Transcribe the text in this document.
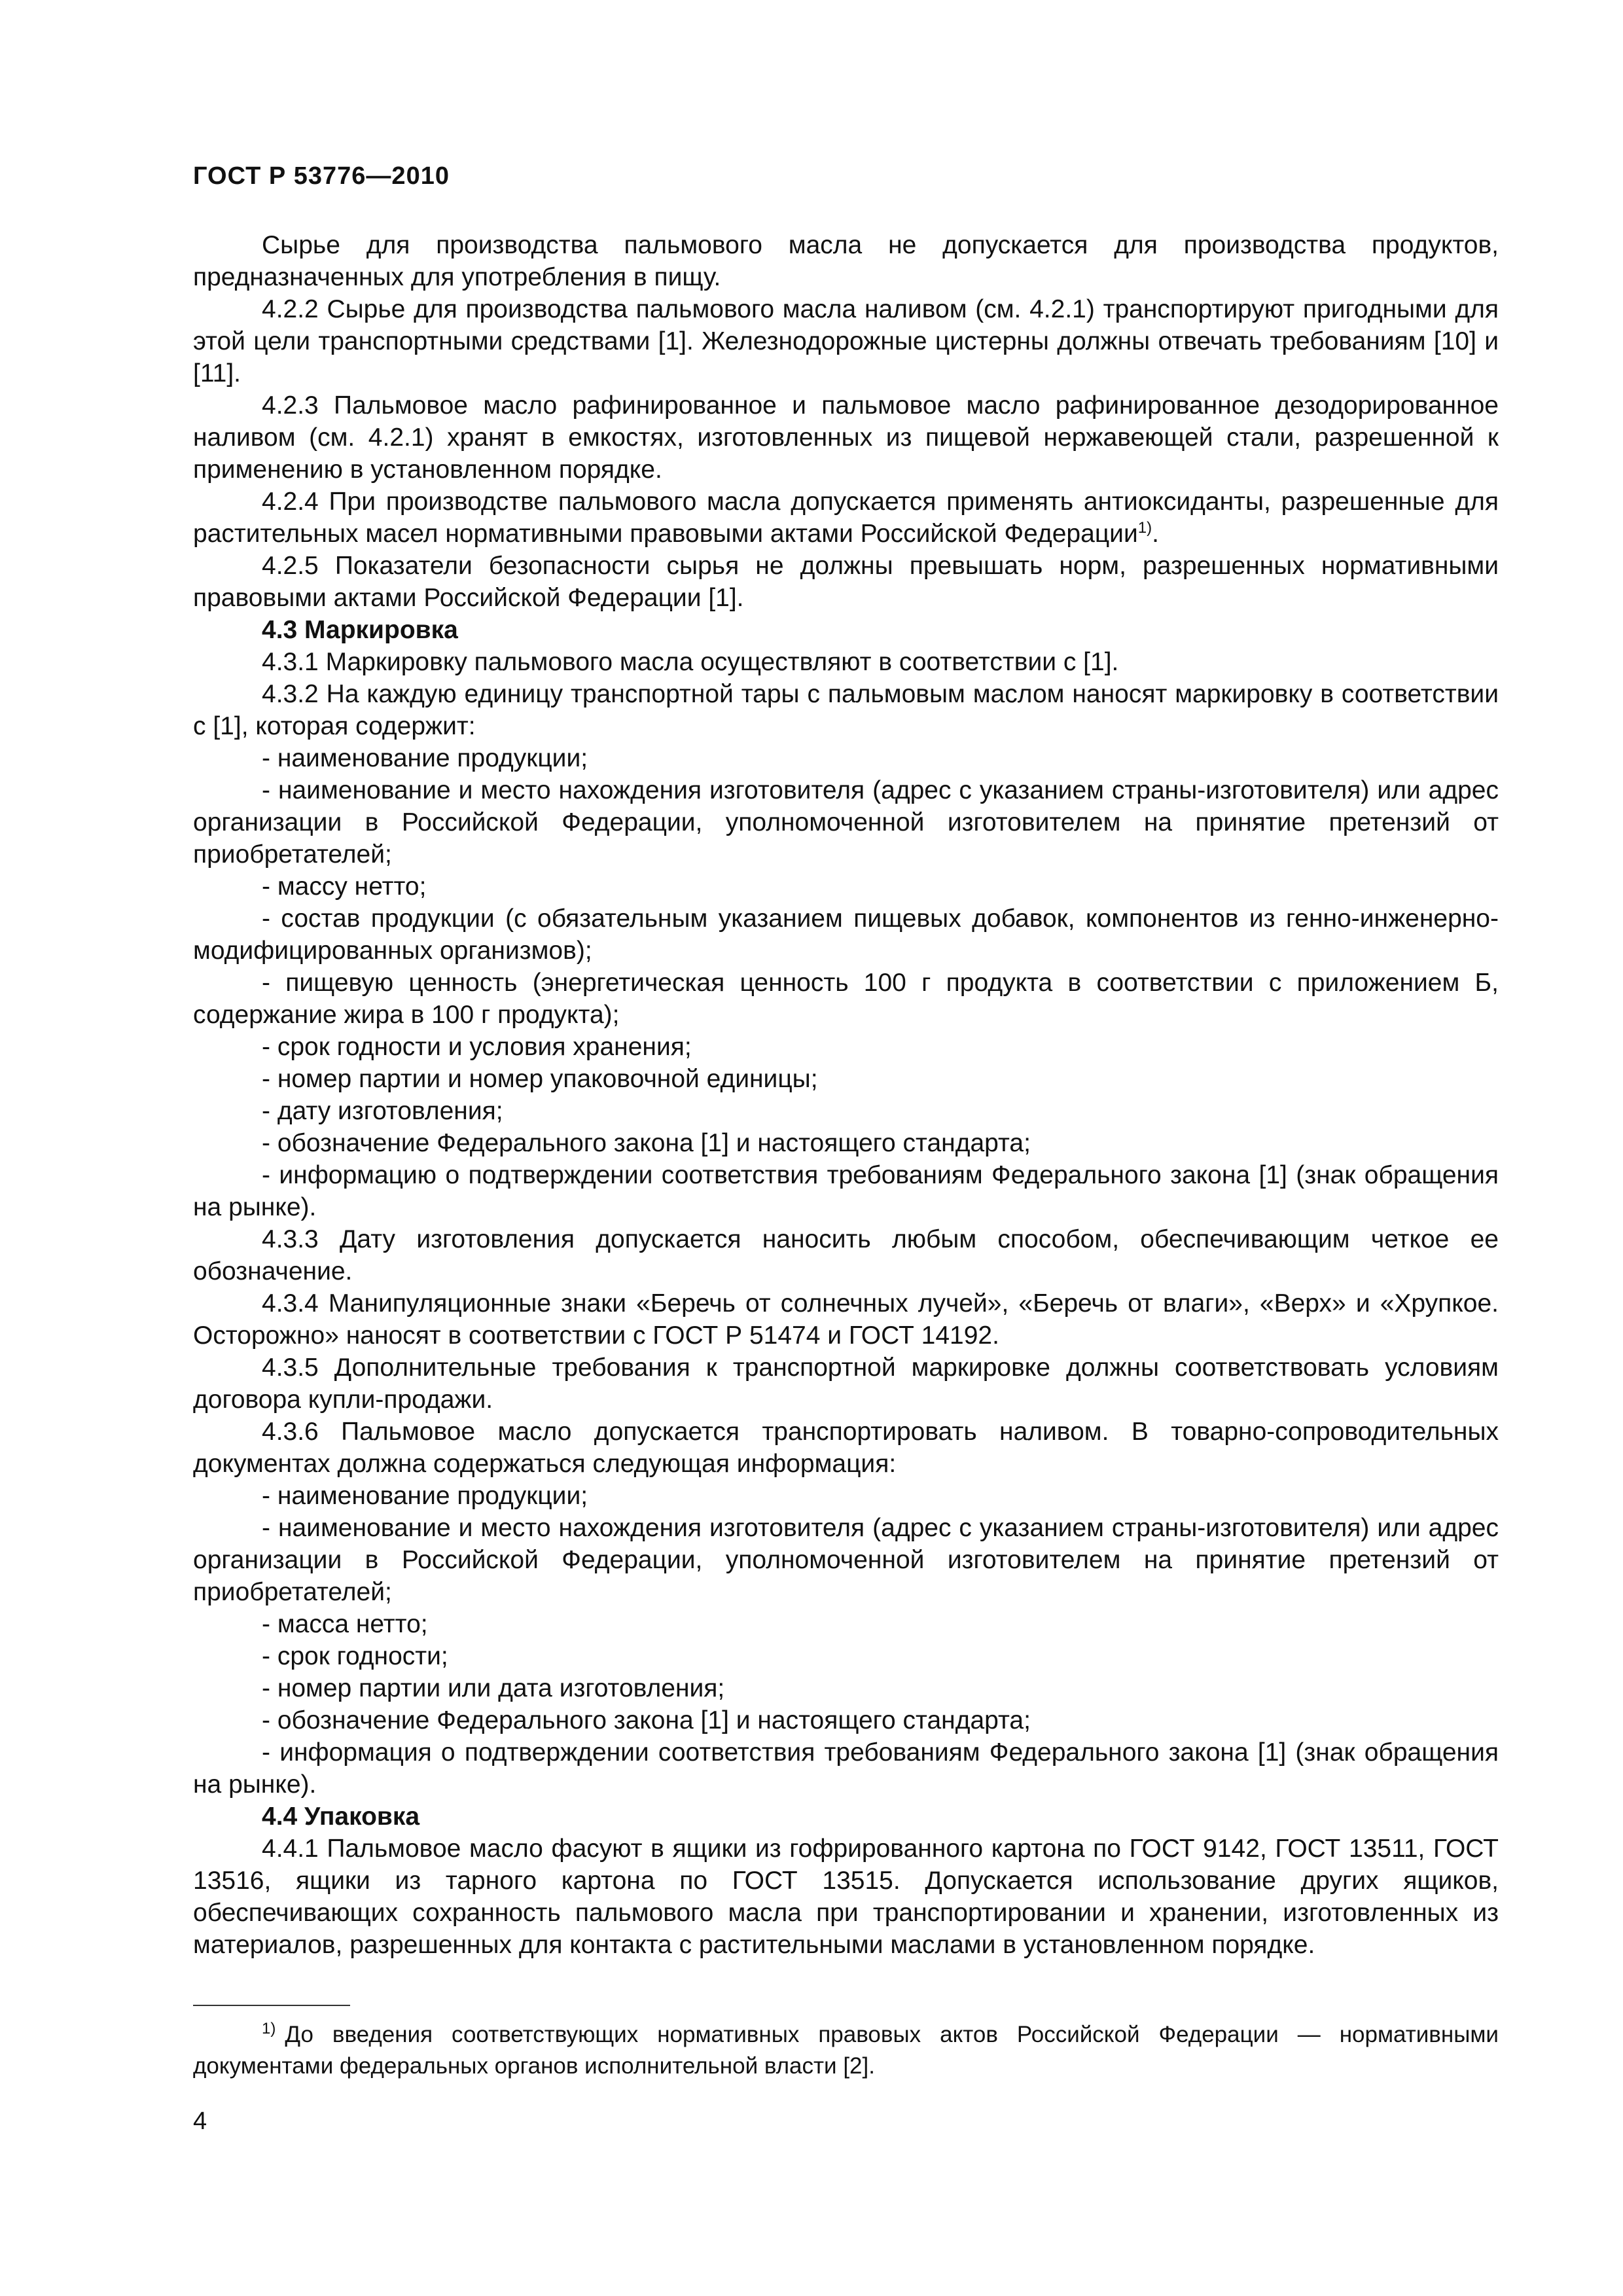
ГОСТ Р 53776—2010

Сырье для производства пальмового масла не допускается для производства продуктов, предназначенных для употребления в пищу.

4.2.2 Сырье для производства пальмового масла наливом (см. 4.2.1) транспортируют пригодными для этой цели транспортными средствами [1]. Железнодорожные цистерны должны отвечать требованиям [10] и [11].

4.2.3 Пальмовое масло рафинированное и пальмовое масло рафинированное дезодорированное наливом (см. 4.2.1) хранят в емкостях, изготовленных из пищевой нержавеющей стали, разрешенной к применению в установленном порядке.

4.2.4 При производстве пальмового масла допускается применять антиоксиданты, разрешенные для растительных масел нормативными правовыми актами Российской Федерации$^{1)}$.

4.2.5 Показатели безопасности сырья не должны превышать норм, разрешенных нормативными правовыми актами Российской Федерации [1].

4.3 Маркировка

4.3.1 Маркировку пальмового масла осуществляют в соответствии с [1].

4.3.2 На каждую единицу транспортной тары с пальмовым маслом наносят маркировку в соответствии с [1], которая содержит:

- наименование продукции;

- наименование и место нахождения изготовителя (адрес с указанием страны-изготовителя) или адрес организации в Российской Федерации, уполномоченной изготовителем на принятие претензий от приобретателей;

- массу нетто;

- состав продукции (с обязательным указанием пищевых добавок, компонентов из генно-инженерно-модифицированных организмов);

- пищевую ценность (энергетическая ценность 100 г продукта в соответствии с приложением Б, содержание жира в 100 г продукта);

- срок годности и условия хранения;

- номер партии и номер упаковочной единицы;

- дату изготовления;

- обозначение Федерального закона [1] и настоящего стандарта;

- информацию о подтверждении соответствия требованиям Федерального закона [1] (знак обращения на рынке).

4.3.3 Дату изготовления допускается наносить любым способом, обеспечивающим четкое ее обозначение.

4.3.4 Манипуляционные знаки «Беречь от солнечных лучей», «Беречь от влаги», «Верх» и «Хрупкое. Осторожно» наносят в соответствии с ГОСТ Р 51474 и ГОСТ 14192.

4.3.5 Дополнительные требования к транспортной маркировке должны соответствовать условиям договора купли-продажи.

4.3.6 Пальмовое масло допускается транспортировать наливом. В товарно-сопроводительных документах должна содержаться следующая информация:

- наименование продукции;

- наименование и место нахождения изготовителя (адрес с указанием страны-изготовителя) или адрес организации в Российской Федерации, уполномоченной изготовителем на принятие претензий от приобретателей;

- масса нетто;

- срок годности;

- номер партии или дата изготовления;

- обозначение Федерального закона [1] и настоящего стандарта;

- информация о подтверждении соответствия требованиям Федерального закона [1] (знак обращения на рынке).

4.4 Упаковка

4.4.1 Пальмовое масло фасуют в ящики из гофрированного картона по ГОСТ 9142, ГОСТ 13511, ГОСТ 13516, ящики из тарного картона по ГОСТ 13515. Допускается использование других ящиков, обеспечивающих сохранность пальмового масла при транспортировании и хранении, изготовленных из материалов, разрешенных для контакта с растительными маслами в установленном порядке.

$^{1)}$ До введения соответствующих нормативных правовых актов Российской Федерации — нормативными документами федеральных органов исполнительной власти [2].

4
